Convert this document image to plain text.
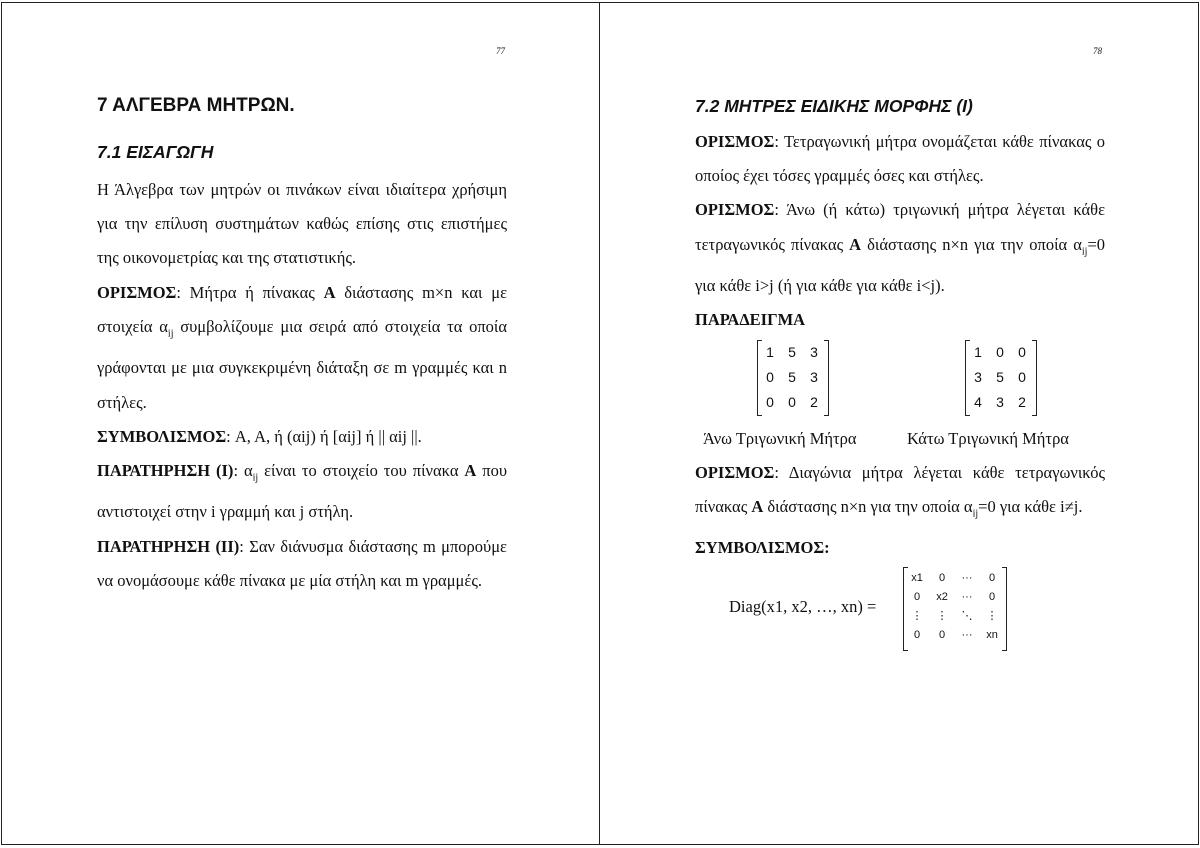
77
7 ΑΛΓΕΒΡΑ ΜΗΤΡΩΝ.
7.1 ΕΙΣΑΓΩΓΗ

Η Άλγεβρα των μητρών οι πινάκων είναι ιδιαίτερα χρήσιμη για την επίλυση συστημάτων καθώς επίσης στις επιστήμες της οικονομετρίας και της στατιστικής.

ΟΡΙΣΜΟΣ: Μήτρα ή πίνακας A διάστασης m×n και με στοιχεία $\alpha_{ij}$ συμβολίζουμε μια σειρά από στοιχεία τα οποία γράφονται με μια συγκεκριμένη διάταξη σε m γραμμές και n στήλες.

ΣΥΜΒΟΛΙΣΜΟΣ: A, A, ή (αij) ή [αij] ή || αij ||.

ΠΑΡΑΤΗΡΗΣΗ (Ι): $\alpha_{ij}$ είναι το στοιχείο του πίνακα A που αντιστοιχεί στην i γραμμή και j στήλη.

ΠΑΡΑΤΗΡΗΣΗ (ΙΙ): Σαν διάνυσμα διάστασης m μπορούμε να ονομάσουμε κάθε πίνακα με μία στήλη και m γραμμές.

78
7.2 ΜΗΤΡΕΣ ΕΙΔΙΚΗΣ ΜΟΡΦΗΣ (Ι)

ΟΡΙΣΜΟΣ: Τετραγωνική μήτρα ονομάζεται κάθε πίνακας ο οποίος έχει τόσες γραμμές όσες και στήλες.

ΟΡΙΣΜΟΣ: Άνω (ή κάτω) τριγωνική μήτρα λέγεται κάθε τετραγωνικός πίνακας A διάστασης n×n για την οποία $\alpha_{ij}=0$ για κάθε i>j (ή για κάθε για κάθε i<j).

ΠΑΡΑΔΕΙΓΜΑ

1	5	3
0	5	3
0	0	2
1	0	0
3	5	0
4	3	2
Άνω Τριγωνική Μήτρα	Κάτω Τριγωνική Μήτρα

ΟΡΙΣΜΟΣ: Διαγώνια μήτρα λέγεται κάθε τετραγωνικός πίνακας A διάστασης n×n για την οποία $\alpha_{ij}=0$ για κάθε i≠j.

ΣΥΜΒΟΛΙΣΜΟΣ:

Diag(x1, x2, …, xn) =
x1	0	···	0
0	x2	···	0
⋮	⋮	⋱	⋮
0	0	···	xn
